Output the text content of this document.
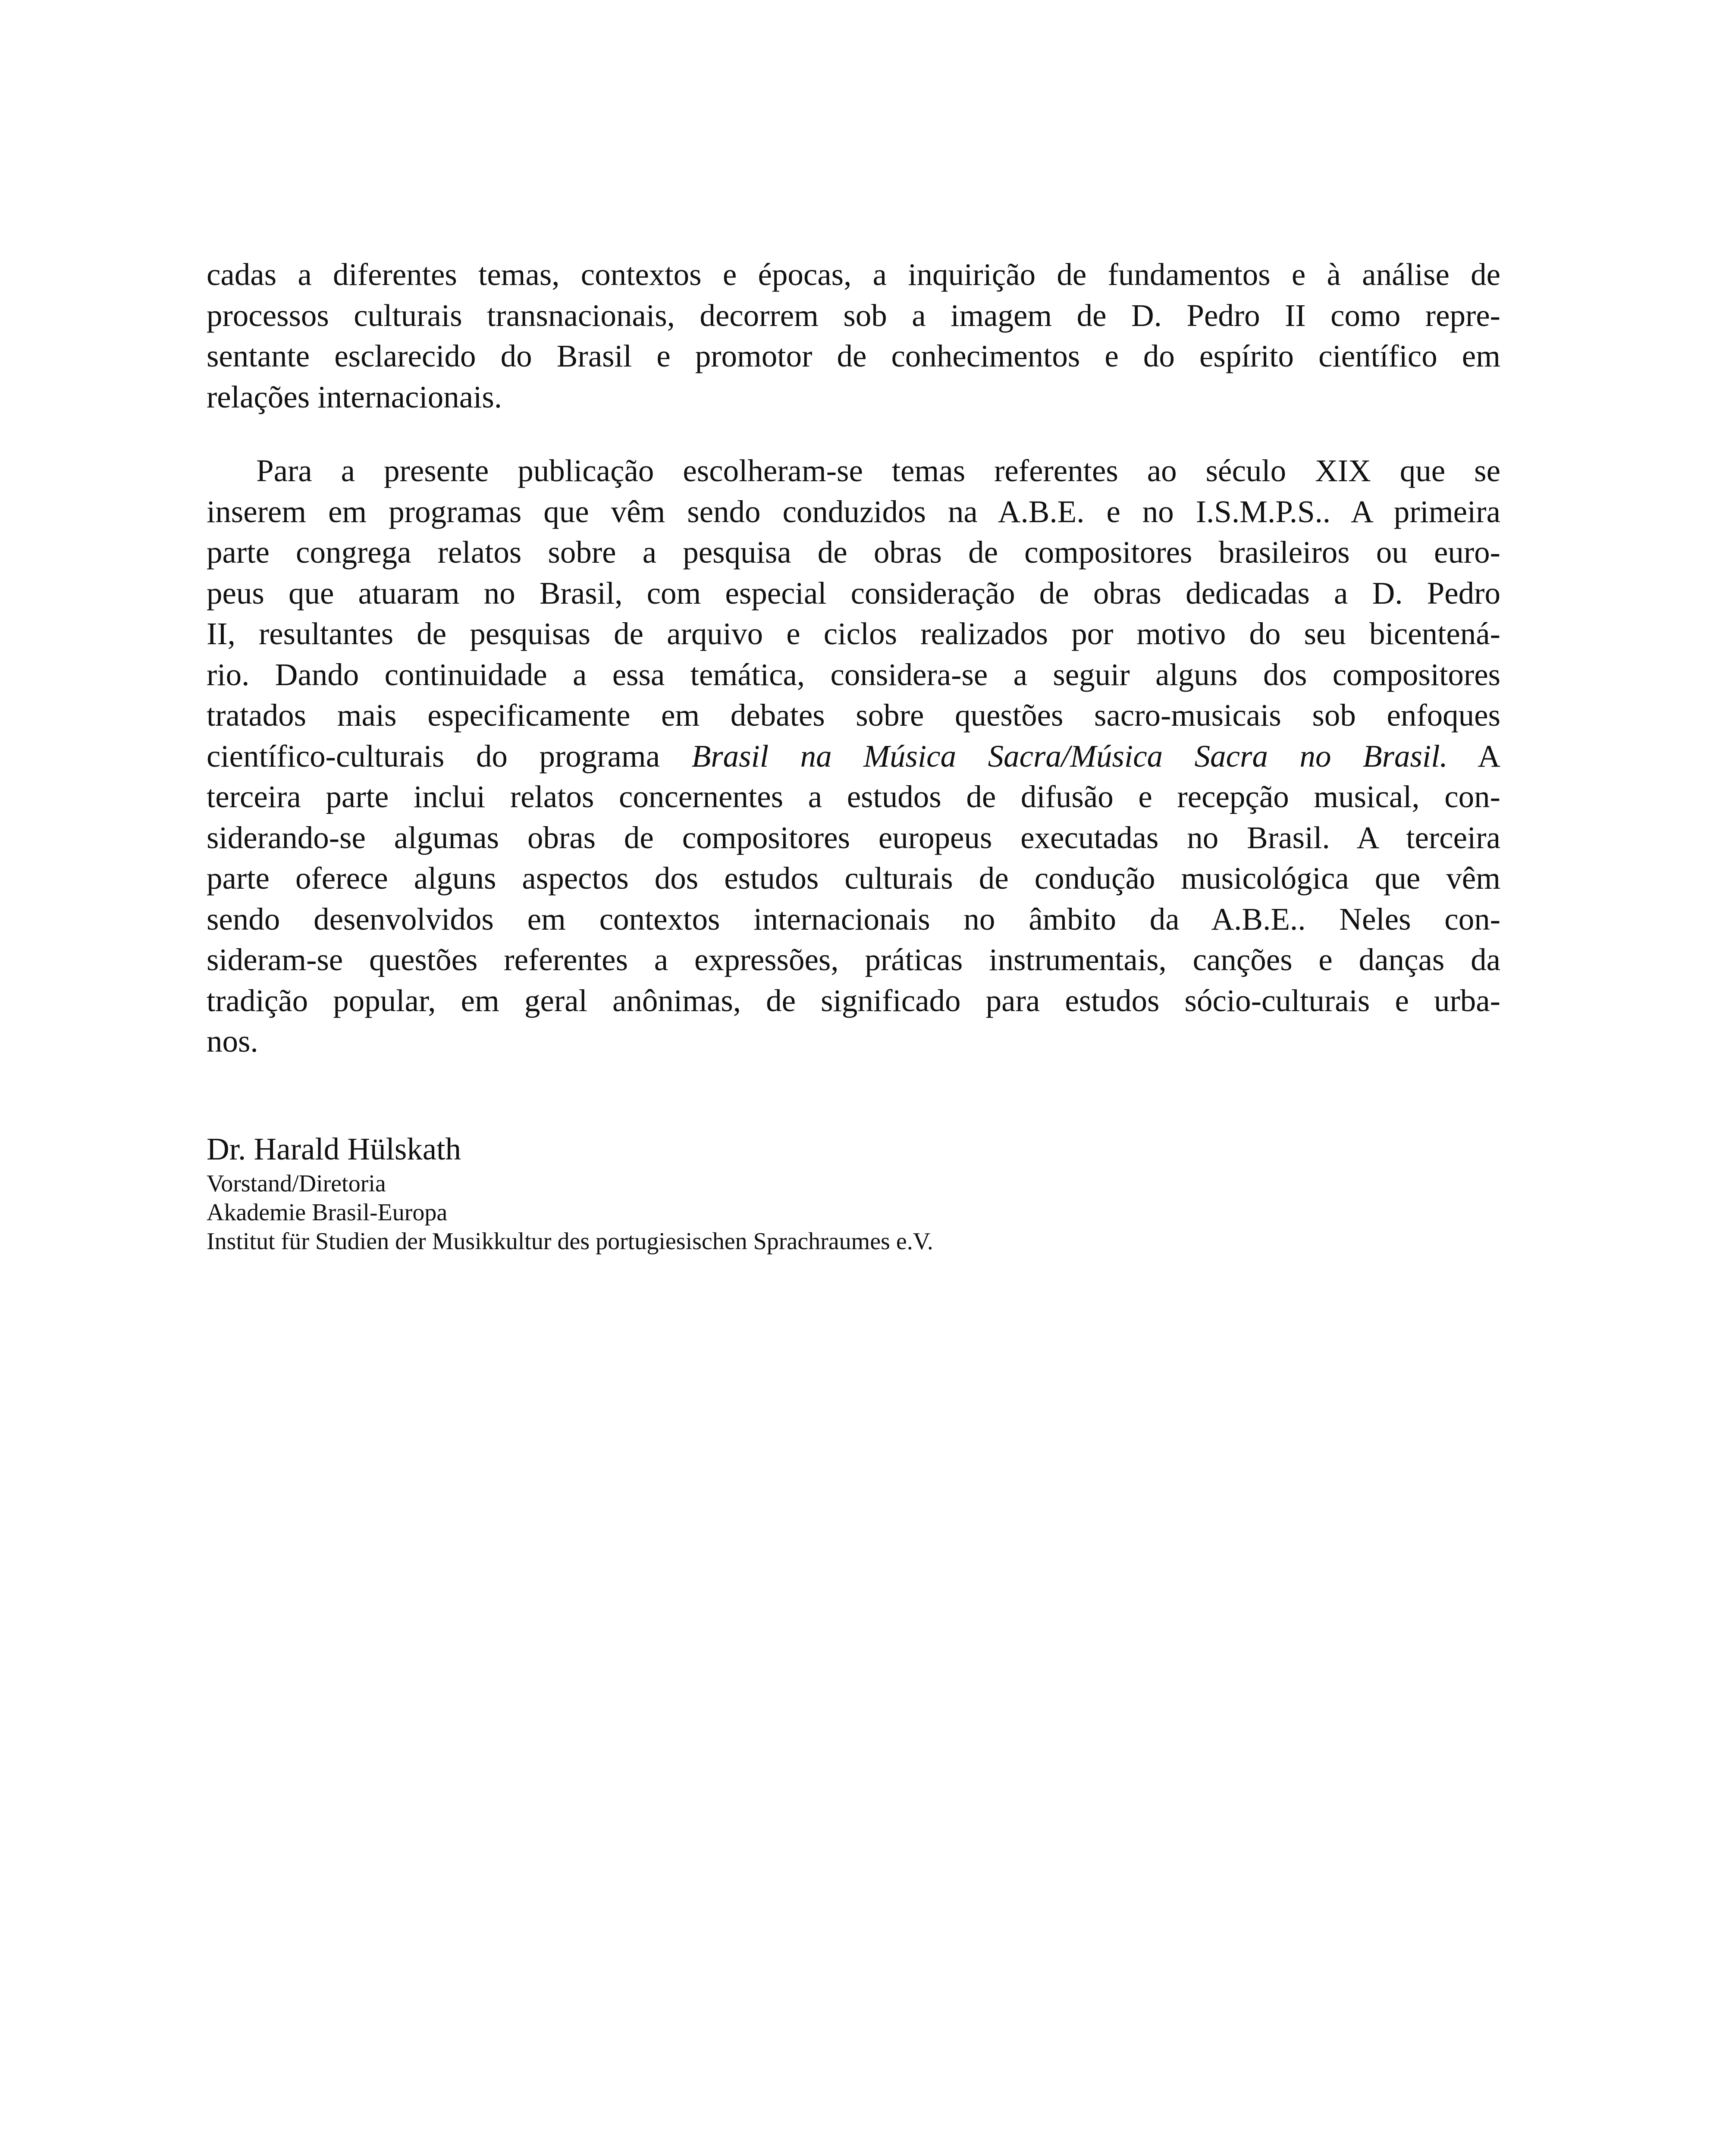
cadas a diferentes temas, contextos e épocas, a inquirição de fundamentos e à análise de
processos culturais transnacionais, decorrem sob a imagem de D. Pedro II como repre-
sentante esclarecido do Brasil e promotor de conhecimentos e do espírito científico em
relações internacionais.
Para a presente publicação escolheram-se temas referentes ao século XIX que se
inserem em programas que vêm sendo conduzidos na A.B.E. e no I.S.M.P.S.. A primeira
parte congrega relatos sobre a pesquisa de obras de compositores brasileiros ou euro-
peus que atuaram no Brasil, com especial consideração de obras dedicadas a D. Pedro
II, resultantes de pesquisas de arquivo e ciclos realizados por motivo do seu bicentená-
rio. Dando continuidade a essa temática, considera-se a seguir alguns dos compositores
tratados mais especificamente em debates sobre questões sacro-musicais sob enfoques
científico-culturais do programa Brasil na Música Sacra/Música Sacra no Brasil. A
terceira parte inclui relatos concernentes a estudos de difusão e recepção musical, con-
siderando-se algumas obras de compositores europeus executadas no Brasil. A terceira
parte oferece alguns aspectos dos estudos culturais de condução musicológica que vêm
sendo desenvolvidos em contextos internacionais no âmbito da A.B.E.. Neles con-
sideram-se questões referentes a expressões, práticas instrumentais, canções e danças da
tradição popular, em geral anônimas, de significado para estudos sócio-culturais e urba-
nos.
Dr. Harald Hülskath
Vorstand/Diretoria
Akademie Brasil-Europa
Institut für Studien der Musikkultur des portugiesischen Sprachraumes e.V.
